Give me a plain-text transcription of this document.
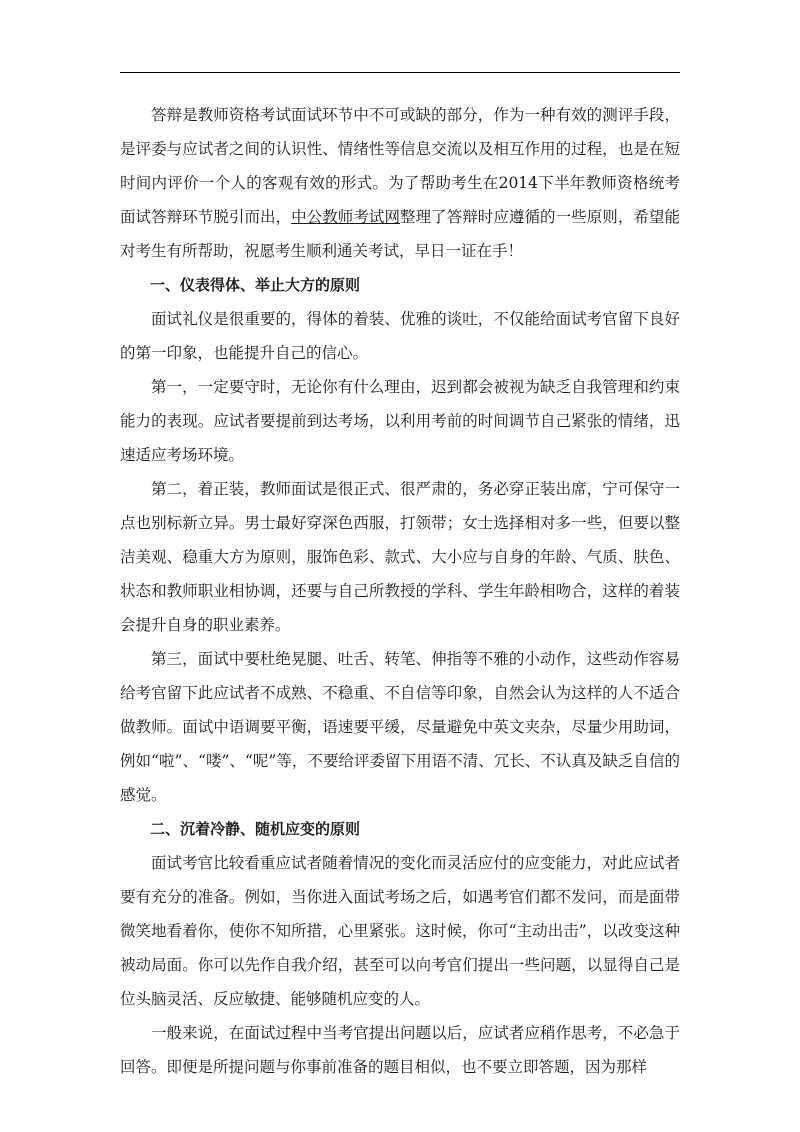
答辩是教师资格考试面试环节中不可或缺的部分，作为一种有效的测评手段，是评委与应试者之间的认识性、情绪性等信息交流以及相互作用的过程，也是在短时间内评价一个人的客观有效的形式。为了帮助考生在2014下半年教师资格统考面试答辩环节脱引而出，中公教师考试网整理了答辩时应遵循的一些原则，希望能对考生有所帮助，祝愿考生顺利通关考试，早日一证在手！

一、仪表得体、举止大方的原则

面试礼仪是很重要的，得体的着装、优雅的谈吐，不仅能给面试考官留下良好的第一印象，也能提升自己的信心。

第一，一定要守时，无论你有什么理由，迟到都会被视为缺乏自我管理和约束能力的表现。应试者要提前到达考场，以利用考前的时间调节自己紧张的情绪，迅速适应考场环境。

第二，着正装，教师面试是很正式、很严肃的，务必穿正装出席，宁可保守一点也别标新立异。男士最好穿深色西服，打领带；女士选择相对多一些，但要以整洁美观、稳重大方为原则，服饰色彩、款式、大小应与自身的年龄、气质、肤色、状态和教师职业相协调，还要与自己所教授的学科、学生年龄相吻合，这样的着装会提升自身的职业素养。

第三，面试中要杜绝晃腿、吐舌、转笔、伸指等不雅的小动作，这些动作容易给考官留下此应试者不成熟、不稳重、不自信等印象，自然会认为这样的人不适合做教师。面试中语调要平衡，语速要平缓，尽量避免中英文夹杂，尽量少用助词，例如“啦”、“喽”、“呢”等，不要给评委留下用语不清、冗长、不认真及缺乏自信的感觉。

二、沉着冷静、随机应变的原则

面试考官比较看重应试者随着情况的变化而灵活应付的应变能力，对此应试者要有充分的准备。例如，当你进入面试考场之后，如遇考官们都不发问，而是面带微笑地看着你，使你不知所措，心里紧张。这时候，你可“主动出击”，以改变这种被动局面。你可以先作自我介绍，甚至可以向考官们提出一些问题，以显得自己是位头脑灵活、反应敏捷、能够随机应变的人。

一般来说，在面试过程中当考官提出问题以后，应试者应稍作思考，不必急于回答。即便是所提问题与你事前准备的题目相似，也不要立即答题，因为那样
